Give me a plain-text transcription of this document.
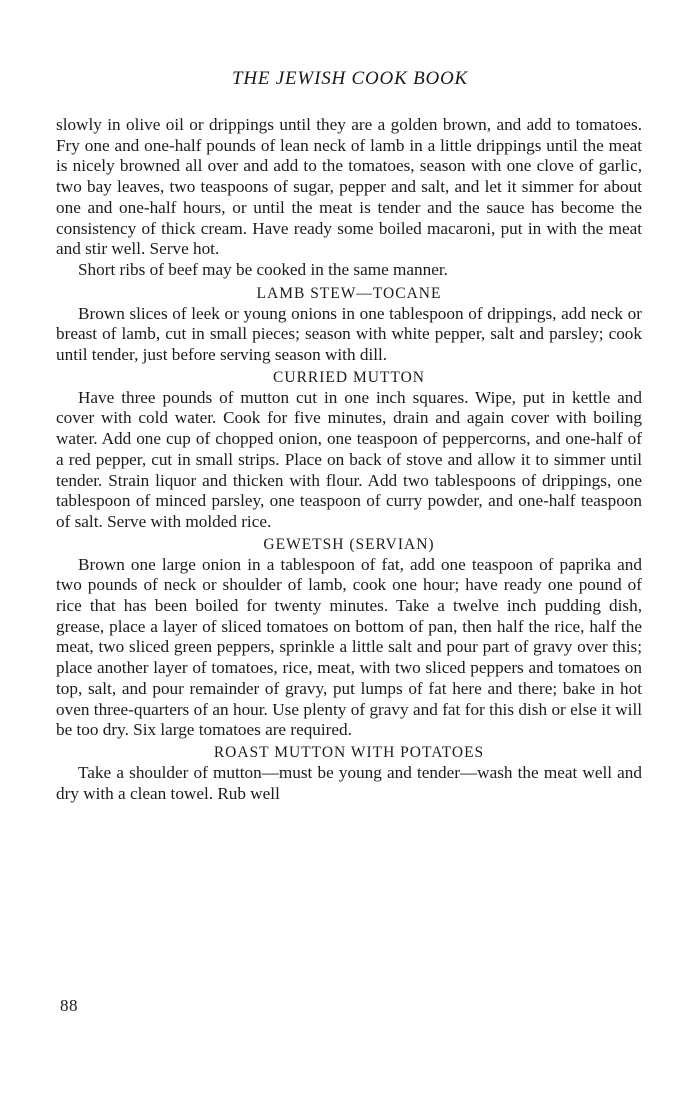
THE JEWISH COOK BOOK

slowly in olive oil or drippings until they are a golden brown, and add to tomatoes. Fry one and one-half pounds of lean neck of lamb in a little drippings until the meat is nicely browned all over and add to the tomatoes, season with one clove of garlic, two bay leaves, two teaspoons of sugar, pepper and salt, and let it simmer for about one and one-half hours, or until the meat is tender and the sauce has become the consistency of thick cream. Have ready some boiled macaroni, put in with the meat and stir well. Serve hot.

Short ribs of beef may be cooked in the same manner.

LAMB STEW—TOCANE

Brown slices of leek or young onions in one tablespoon of drippings, add neck or breast of lamb, cut in small pieces; season with white pepper, salt and parsley; cook until tender, just before serving season with dill.

CURRIED MUTTON

Have three pounds of mutton cut in one inch squares. Wipe, put in kettle and cover with cold water. Cook for five minutes, drain and again cover with boiling water. Add one cup of chopped onion, one teaspoon of peppercorns, and one-half of a red pepper, cut in small strips. Place on back of stove and allow it to simmer until tender. Strain liquor and thicken with flour. Add two tablespoons of drippings, one tablespoon of minced parsley, one teaspoon of curry powder, and one-half teaspoon of salt. Serve with molded rice.

GEWETSH (SERVIAN)

Brown one large onion in a tablespoon of fat, add one teaspoon of paprika and two pounds of neck or shoulder of lamb, cook one hour; have ready one pound of rice that has been boiled for twenty minutes. Take a twelve inch pudding dish, grease, place a layer of sliced tomatoes on bottom of pan, then half the rice, half the meat, two sliced green peppers, sprinkle a little salt and pour part of gravy over this; place another layer of tomatoes, rice, meat, with two sliced peppers and tomatoes on top, salt, and pour remainder of gravy, put lumps of fat here and there; bake in hot oven three-quarters of an hour. Use plenty of gravy and fat for this dish or else it will be too dry. Six large tomatoes are required.

ROAST MUTTON WITH POTATOES

Take a shoulder of mutton—must be young and tender—wash the meat well and dry with a clean towel. Rub well

88
